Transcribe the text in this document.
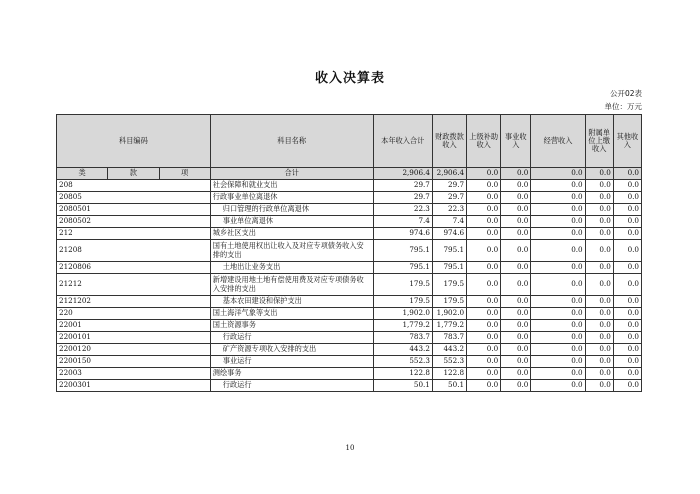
收入决算表
公开02表
单位：万元
科目编码			科目名称	本年收入合计	财政拨款收入	上级补助收入	事业收入	经营收入	附属单位上缴收入	其他收入
类	款	项	合计	2,906.4	2,906.4	0.0	0.0	0.0	0.0	0.0
208			社会保障和就业支出	29.7	29.7	0.0	0.0	0.0	0.0	0.0
20805			行政事业单位离退休	29.7	29.7	0.0	0.0	0.0	0.0	0.0
2080501			归口管理的行政单位离退休	22.3	22.3	0.0	0.0	0.0	0.0	0.0
2080502			事业单位离退休	7.4	7.4	0.0	0.0	0.0	0.0	0.0
212			城乡社区支出	974.6	974.6	0.0	0.0	0.0	0.0	0.0
21208			国有土地使用权出让收入及对应专项债务收入安排的支出	795.1	795.1	0.0	0.0	0.0	0.0	0.0
2120806			土地出让业务支出	795.1	795.1	0.0	0.0	0.0	0.0	0.0
21212			新增建设用地土地有偿使用费及对应专项债务收入安排的支出	179.5	179.5	0.0	0.0	0.0	0.0	0.0
2121202			基本农田建设和保护支出	179.5	179.5	0.0	0.0	0.0	0.0	0.0
220			国土海洋气象等支出	1,902.0	1,902.0	0.0	0.0	0.0	0.0	0.0
22001			国土资源事务	1,779.2	1,779.2	0.0	0.0	0.0	0.0	0.0
2200101			行政运行	783.7	783.7	0.0	0.0	0.0	0.0	0.0
2200120			矿产资源专项收入安排的支出	443.2	443.2	0.0	0.0	0.0	0.0	0.0
2200150			事业运行	552.3	552.3	0.0	0.0	0.0	0.0	0.0
22003			测绘事务	122.8	122.8	0.0	0.0	0.0	0.0	0.0
2200301			行政运行	50.1	50.1	0.0	0.0	0.0	0.0	0.0
10
